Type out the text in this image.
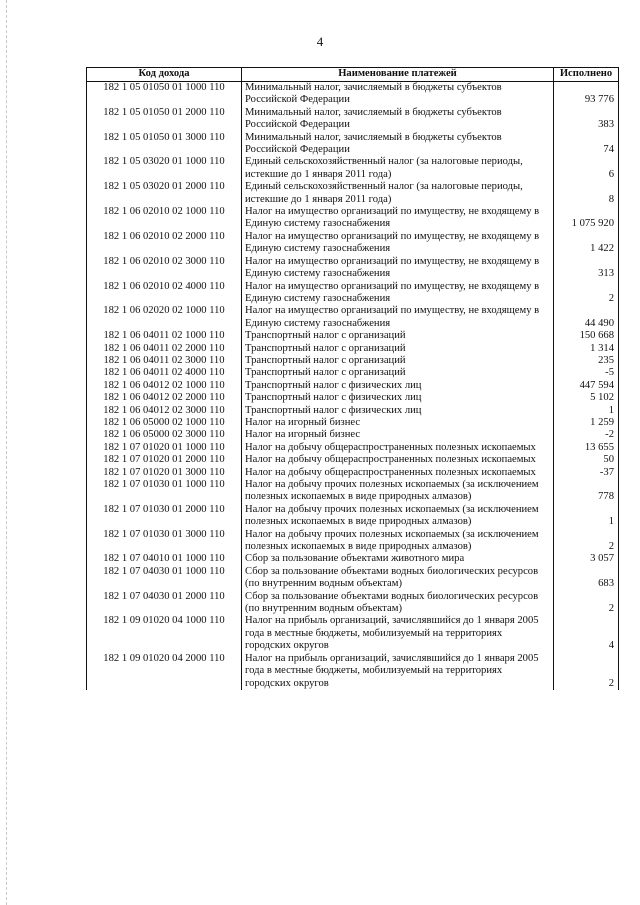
4
Код дохода	Наименование платежей	Исполнено
182 1 05 01050 01 1000 110	Минимальный налог, зачисляемый в бюджеты субъектов Российской Федерации	93 776
182 1 05 01050 01 2000 110	Минимальный налог, зачисляемый в бюджеты субъектов Российской Федерации	383
182 1 05 01050 01 3000 110	Минимальный налог, зачисляемый в бюджеты субъектов Российской Федерации	74
182 1 05 03020 01 1000 110	Единый сельскохозяйственный налог (за налоговые периоды, истекшие до 1 января 2011 года)	6
182 1 05 03020 01 2000 110	Единый сельскохозяйственный налог (за налоговые периоды, истекшие до 1 января 2011 года)	8
182 1 06 02010 02 1000 110	Налог на имущество организаций по имуществу, не входящему в Единую систему газоснабжения	1 075 920
182 1 06 02010 02 2000 110	Налог на имущество организаций по имуществу, не входящему в Единую систему газоснабжения	1 422
182 1 06 02010 02 3000 110	Налог на имущество организаций по имуществу, не входящему в Единую систему газоснабжения	313
182 1 06 02010 02 4000 110	Налог на имущество организаций по имуществу, не входящему в Единую систему газоснабжения	2
182 1 06 02020 02 1000 110	Налог на имущество организаций по имуществу, не входящему в Единую систему газоснабжения	44 490
182 1 06 04011 02 1000 110	Транспортный налог с организаций	150 668
182 1 06 04011 02 2000 110	Транспортный налог с организаций	1 314
182 1 06 04011 02 3000 110	Транспортный налог с организаций	235
182 1 06 04011 02 4000 110	Транспортный налог с организаций	-5
182 1 06 04012 02 1000 110	Транспортный налог с физических лиц	447 594
182 1 06 04012 02 2000 110	Транспортный налог с физических лиц	5 102
182 1 06 04012 02 3000 110	Транспортный налог с физических лиц	1
182 1 06 05000 02 1000 110	Налог на игорный бизнес	1 259
182 1 06 05000 02 3000 110	Налог на игорный бизнес	-2
182 1 07 01020 01 1000 110	Налог на добычу общераспространенных полезных ископаемых	13 655
182 1 07 01020 01 2000 110	Налог на добычу общераспространенных полезных ископаемых	50
182 1 07 01020 01 3000 110	Налог на добычу общераспространенных полезных ископаемых	-37
182 1 07 01030 01 1000 110	Налог на добычу прочих полезных ископаемых (за исключением полезных ископаемых в виде природных алмазов)	778
182 1 07 01030 01 2000 110	Налог на добычу прочих полезных ископаемых (за исключением полезных ископаемых в виде природных алмазов)	1
182 1 07 01030 01 3000 110	Налог на добычу прочих полезных ископаемых (за исключением полезных ископаемых в виде природных алмазов)	2
182 1 07 04010 01 1000 110	Сбор за пользование объектами животного мира	3 057
182 1 07 04030 01 1000 110	Сбор за пользование объектами водных биологических ресурсов (по внутренним водным объектам)	683
182 1 07 04030 01 2000 110	Сбор за пользование объектами водных биологических ресурсов (по внутренним водным объектам)	2
182 1 09 01020 04 1000 110	Налог на прибыль организаций, зачислявшийся до 1 января 2005 года в местные бюджеты, мобилизуемый на территориях городских округов	4
182 1 09 01020 04 2000 110	Налог на прибыль организаций, зачислявшийся до 1 января 2005 года в местные бюджеты, мобилизуемый на территориях городских округов	2
